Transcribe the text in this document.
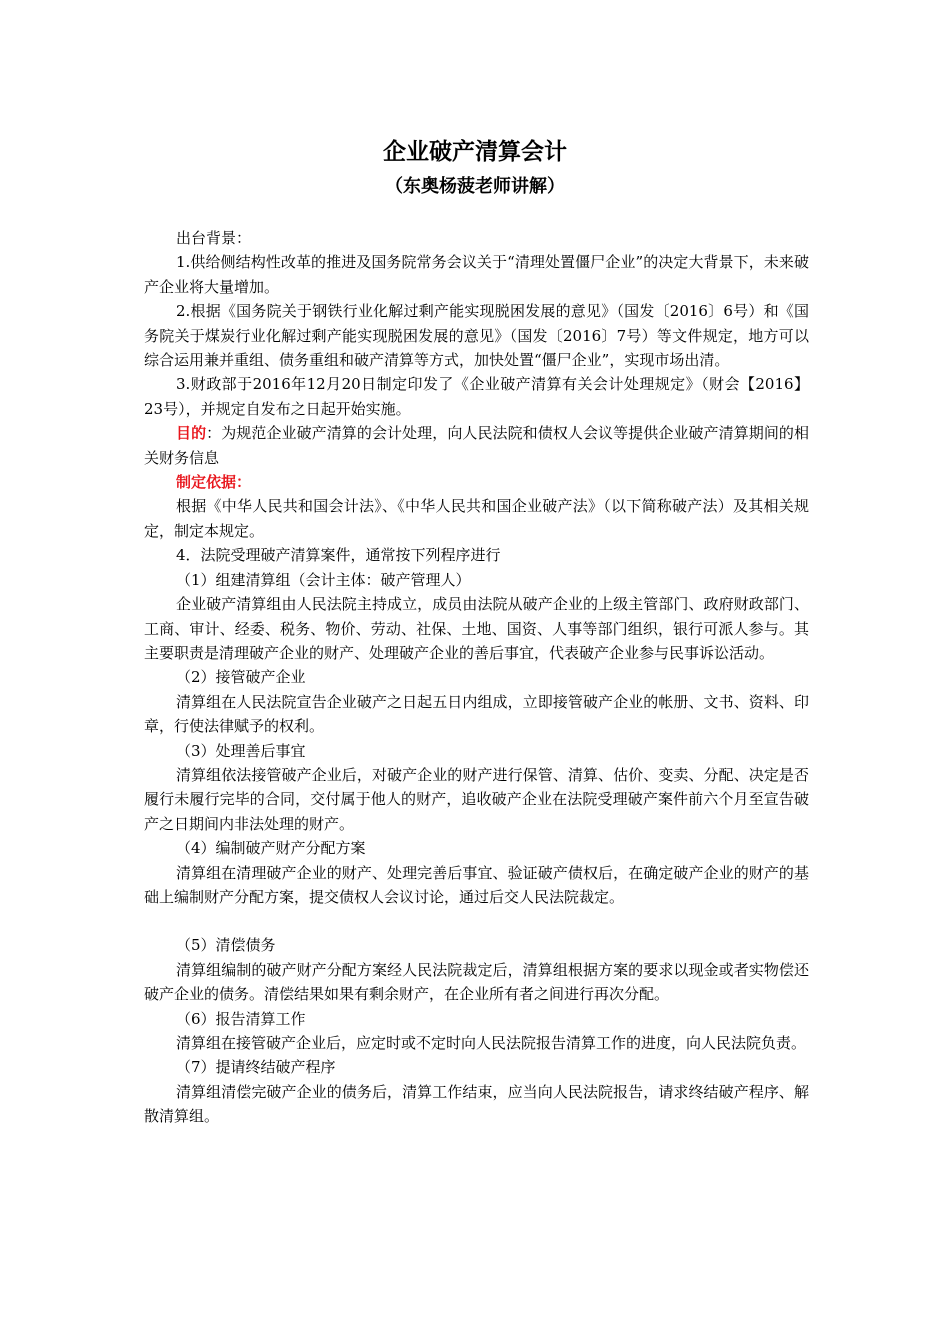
企业破产清算会计
（东奥杨菠老师讲解）

出台背景：

1.供给侧结构性改革的推进及国务院常务会议关于“清理处置僵尸企业”的决定大背景下，未来破产企业将大量增加。

2.根据《国务院关于钢铁行业化解过剩产能实现脱困发展的意见》（国发〔2016〕6号）和《国务院关于煤炭行业化解过剩产能实现脱困发展的意见》（国发〔2016〕7号）等文件规定，地方可以综合运用兼并重组、债务重组和破产清算等方式，加快处置“僵尸企业”，实现市场出清。

3.财政部于2016年12月20日制定印发了《企业破产清算有关会计处理规定》（财会【2016】23号），并规定自发布之日起开始实施。

目的：为规范企业破产清算的会计处理，向人民法院和债权人会议等提供企业破产清算期间的相关财务信息

制定依据：

根据《中华人民共和国会计法》、《中华人民共和国企业破产法》（以下简称破产法）及其相关规定，制定本规定。

4．法院受理破产清算案件，通常按下列程序进行

（1）组建清算组（会计主体：破产管理人）

企业破产清算组由人民法院主持成立，成员由法院从破产企业的上级主管部门、政府财政部门、工商、审计、经委、税务、物价、劳动、社保、土地、国资、人事等部门组织，银行可派人参与。其主要职责是清理破产企业的财产、处理破产企业的善后事宜，代表破产企业参与民事诉讼活动。

（2）接管破产企业

清算组在人民法院宣告企业破产之日起五日内组成，立即接管破产企业的帐册、文书、资料、印章，行使法律赋予的权利。

（3）处理善后事宜

清算组依法接管破产企业后，对破产企业的财产进行保管、清算、估价、变卖、分配、决定是否履行未履行完毕的合同，交付属于他人的财产，追收破产企业在法院受理破产案件前六个月至宣告破产之日期间内非法处理的财产。

（4）编制破产财产分配方案

清算组在清理破产企业的财产、处理完善后事宜、验证破产债权后，在确定破产企业的财产的基础上编制财产分配方案，提交债权人会议讨论，通过后交人民法院裁定。

（5）清偿债务

清算组编制的破产财产分配方案经人民法院裁定后，清算组根据方案的要求以现金或者实物偿还破产企业的债务。清偿结果如果有剩余财产，在企业所有者之间进行再次分配。

（6）报告清算工作

清算组在接管破产企业后，应定时或不定时向人民法院报告清算工作的进度，向人民法院负责。

（7）提请终结破产程序

清算组清偿完破产企业的债务后，清算工作结束，应当向人民法院报告，请求终结破产程序、解散清算组。
